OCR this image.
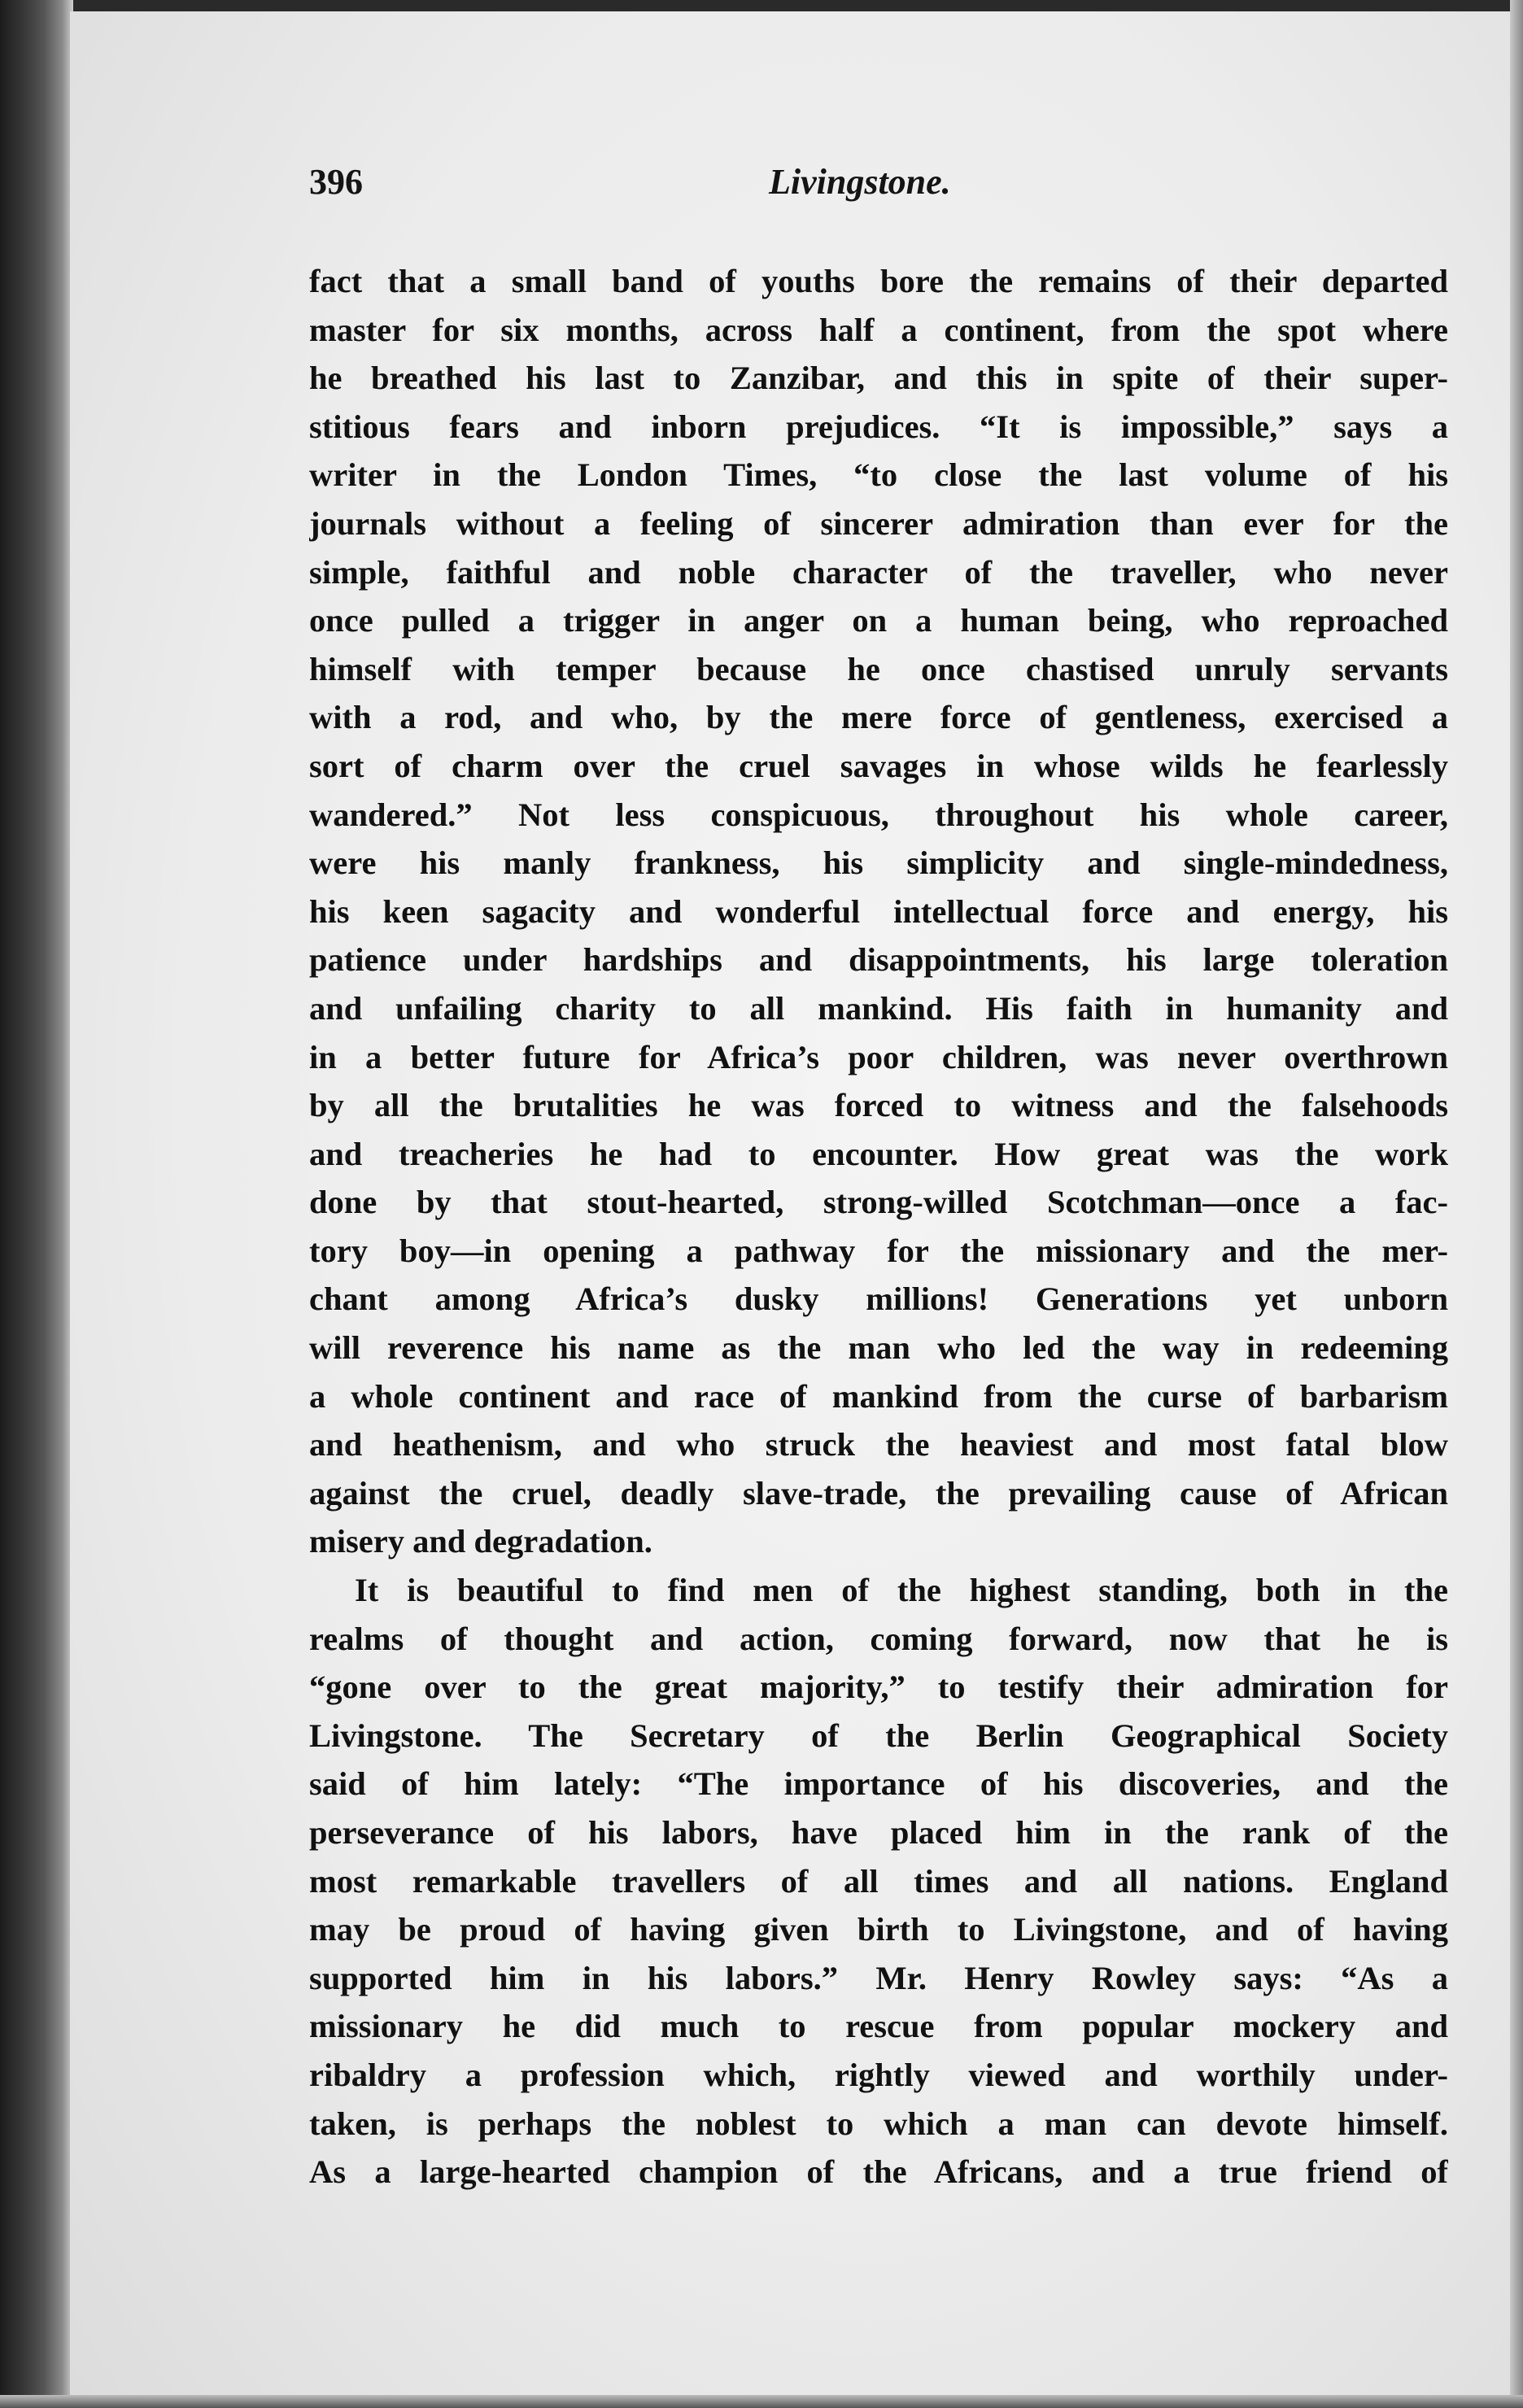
396	Livingstone.
fact that a small band of youths bore the remains of their departed
master for six months, across half a continent, from the spot where
he breathed his last to Zanzibar, and this in spite of their super-
stitious fears and inborn prejudices. “It is impossible,” says a
writer in the London Times, “to close the last volume of his
journals without a feeling of sincerer admiration than ever for the
simple, faithful and noble character of the traveller, who never
once pulled a trigger in anger on a human being, who reproached
himself with temper because he once chastised unruly servants
with a rod, and who, by the mere force of gentleness, exercised a
sort of charm over the cruel savages in whose wilds he fearlessly
wandered.” Not less conspicuous, throughout his whole career,
were his manly frankness, his simplicity and single-mindedness,
his keen sagacity and wonderful intellectual force and energy, his
patience under hardships and disappointments, his large toleration
and unfailing charity to all mankind. His faith in humanity and
in a better future for Africa’s poor children, was never overthrown
by all the brutalities he was forced to witness and the falsehoods
and treacheries he had to encounter. How great was the work
done by that stout-hearted, strong-willed Scotchman—once a fac-
tory boy—in opening a pathway for the missionary and the mer-
chant among Africa’s dusky millions! Generations yet unborn
will reverence his name as the man who led the way in redeeming
a whole continent and race of mankind from the curse of barbarism
and heathenism, and who struck the heaviest and most fatal blow
against the cruel, deadly slave-trade, the prevailing cause of African
misery and degradation.
It is beautiful to find men of the highest standing, both in the
realms of thought and action, coming forward, now that he is
“gone over to the great majority,” to testify their admiration for
Livingstone. The Secretary of the Berlin Geographical Society
said of him lately: “The importance of his discoveries, and the
perseverance of his labors, have placed him in the rank of the
most remarkable travellers of all times and all nations. England
may be proud of having given birth to Livingstone, and of having
supported him in his labors.” Mr. Henry Rowley says: “As a
missionary he did much to rescue from popular mockery and
ribaldry a profession which, rightly viewed and worthily under-
taken, is perhaps the noblest to which a man can devote himself.
As a large-hearted champion of the Africans, and a true friend of
